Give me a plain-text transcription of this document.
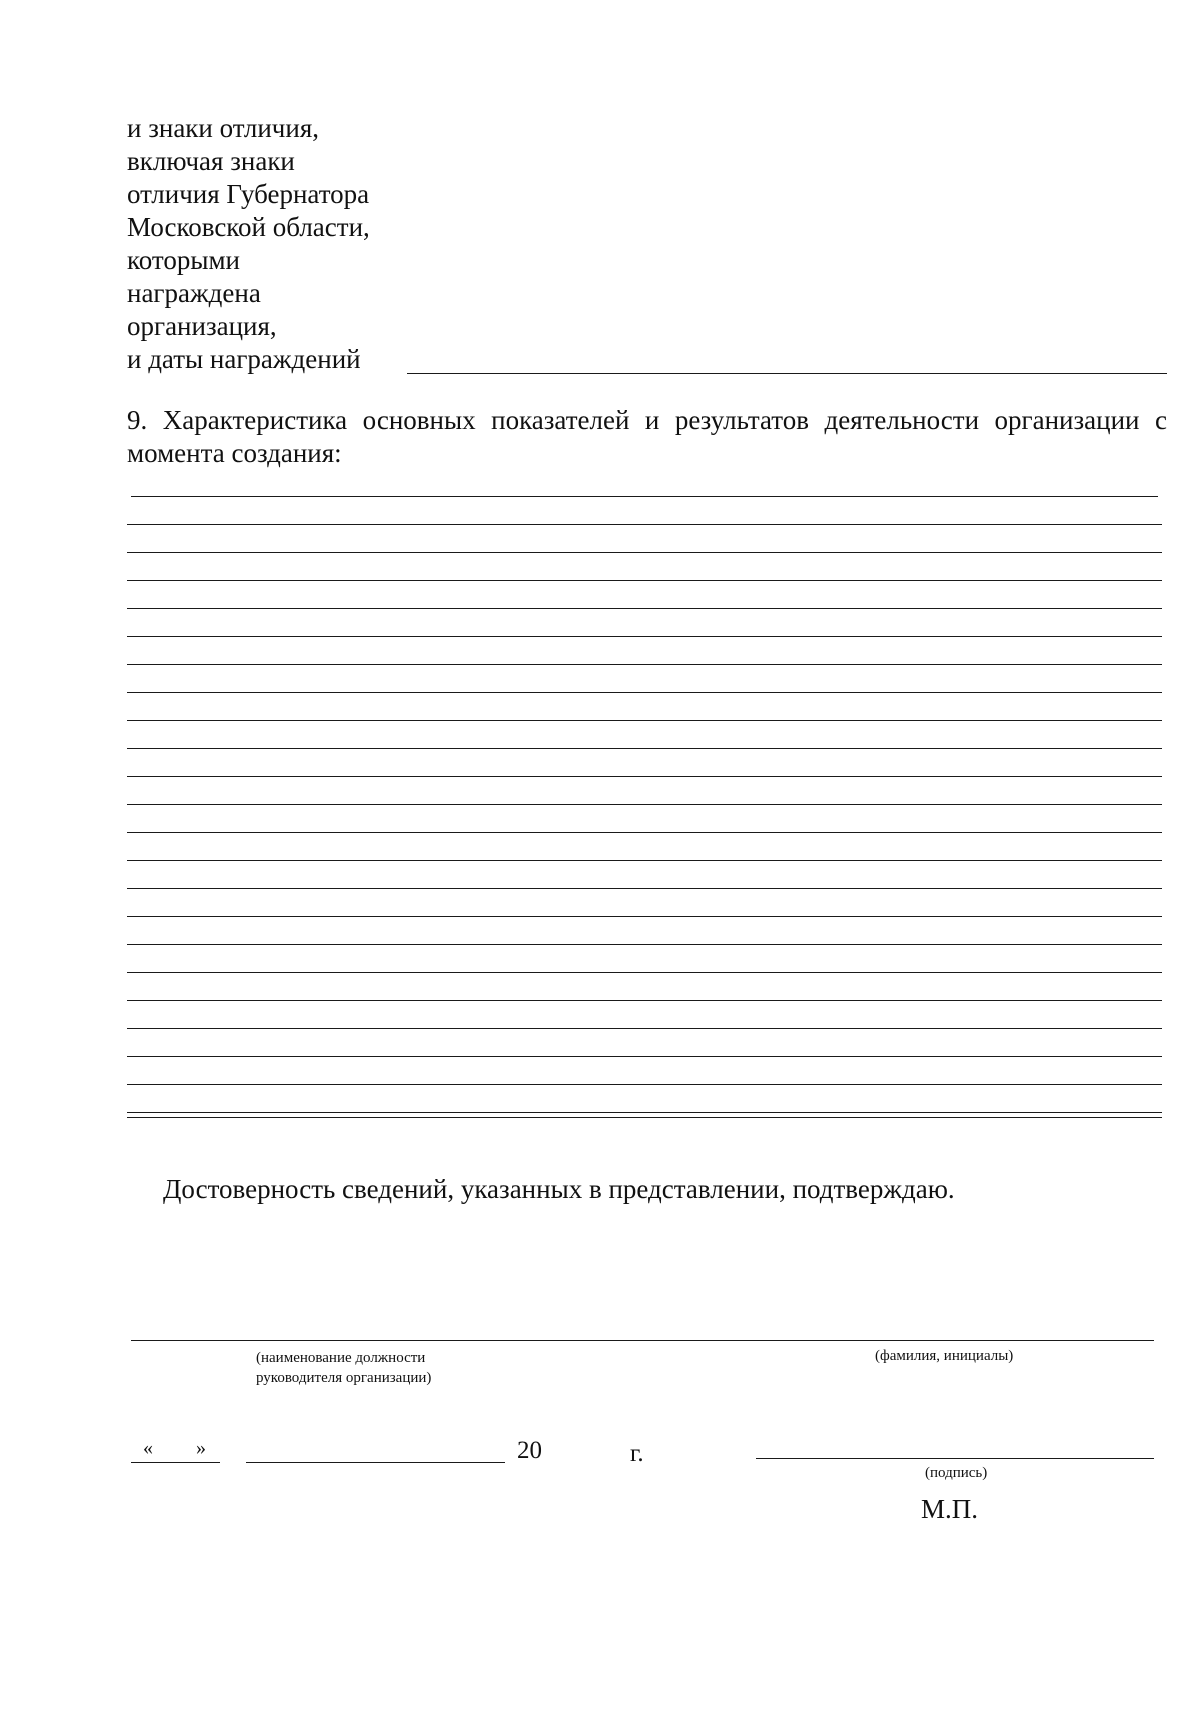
и знаки отличия,
включая знаки
отличия Губернатора
Московской области,
которыми
награждена
организация,
и даты награждений
9. Характеристика основных показателей и результатов деятельности организации с момента создания:
Достоверность сведений, указанных в представлении, подтверждаю.
(наименование должности
руководителя организации)
(фамилия, инициалы)
« »	20	г.
(подпись)
М.П.
